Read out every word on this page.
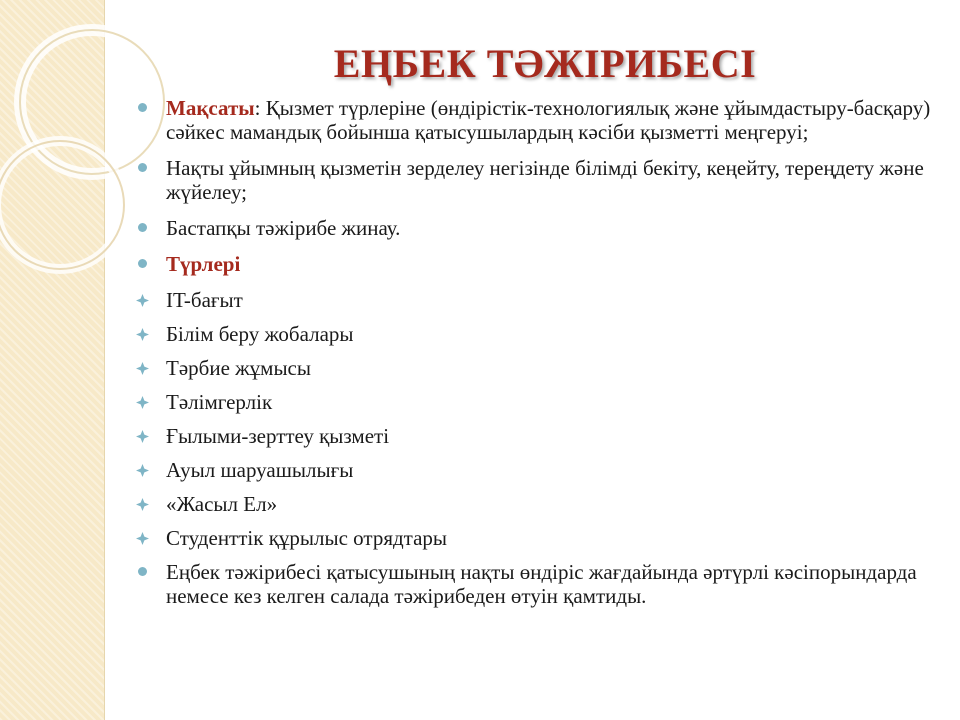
ЕҢБЕК ТӘЖІРИБЕСІ
Мақсаты: Қызмет түрлеріне (өндірістік-технологиялық және ұйымдастыру-басқару) сәйкес мамандық бойынша қатысушылардың кәсіби қызметті меңгеруі;
Нақты ұйымның қызметін зерделеу негізінде білімді бекіту, кеңейту, тереңдету және жүйелеу;
Бастапқы тәжірибе жинау.
Түрлері
IT-бағыт
Білім беру жобалары
Тәрбие жұмысы
Тәлімгерлік
Ғылыми-зерттеу қызметі
Ауыл шаруашылығы
«Жасыл Ел»
Студенттік құрылыс отрядтары
Еңбек тәжірибесі қатысушының нақты өндіріс жағдайында әртүрлі кәсіпорындарда немесе кез келген салада тәжірибеден өтуін қамтиды.
